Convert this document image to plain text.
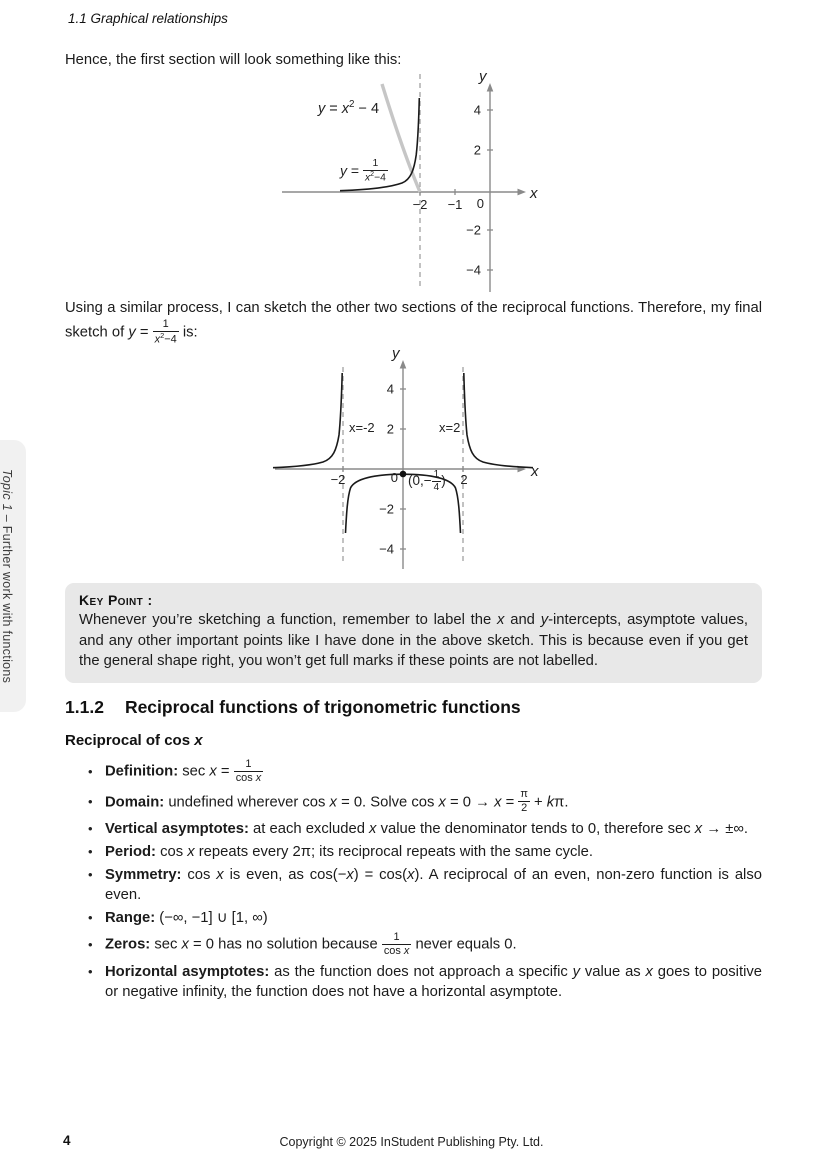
1.1 Graphical relationships
Topic 1 – Further work with functions

Hence, the first section will look something like this:

4
2
−2
−4
−2 −1 0
y
x
$y = x^2 - 4$
$y = \frac{1}{x^2-4}$

Using a similar process, I can sketch the other two sections of the reciprocal functions. Therefore, my final sketch of $y = \frac{1}{x^2-4}$ is:

4
2
−2
−4
−2	0	2
x=-2	x=2
y
x
($0,- \frac{1}{4}$ )
Key Point :
Whenever you’re sketching a function, remember to label the x and y-intercepts, asymptote values, and any other important points like I have done in the above sketch. This is because even if you get the general shape right, you won’t get full marks if these points are not labelled.
1.1.2 Reciprocal functions of trigonometric functions
Reciprocal of cos x
• Definition: $\sec x = \frac{1}{\text{cos x}}$
• Domain: undefined wherever cos x = 0. Solve $\cos x = 0 \to x = \frac{\pi}{2} + k\pi$.
• Vertical asymptotes: at each excluded x value the denominator tends to 0, therefore sec x → ±∞.
• Period: cos x repeats every 2π; its reciprocal repeats with the same cycle.
• Symmetry: cos x is even, as cos(−x) = cos(x). A reciprocal of an even, non-zero function is also even.
• Range: (−∞, −1] ∪ [1, ∞)
• Zeros: sec x = 0 has no solution because $\frac{1}{\text{cos x}}$ never equals 0.
• Horizontal asymptotes: as the function does not approach a specific y value as x goes to positive or negative infinity, the function does not have a horizontal asymptote.
4	Copyright © 2025 InStudent Publishing Pty. Ltd.
